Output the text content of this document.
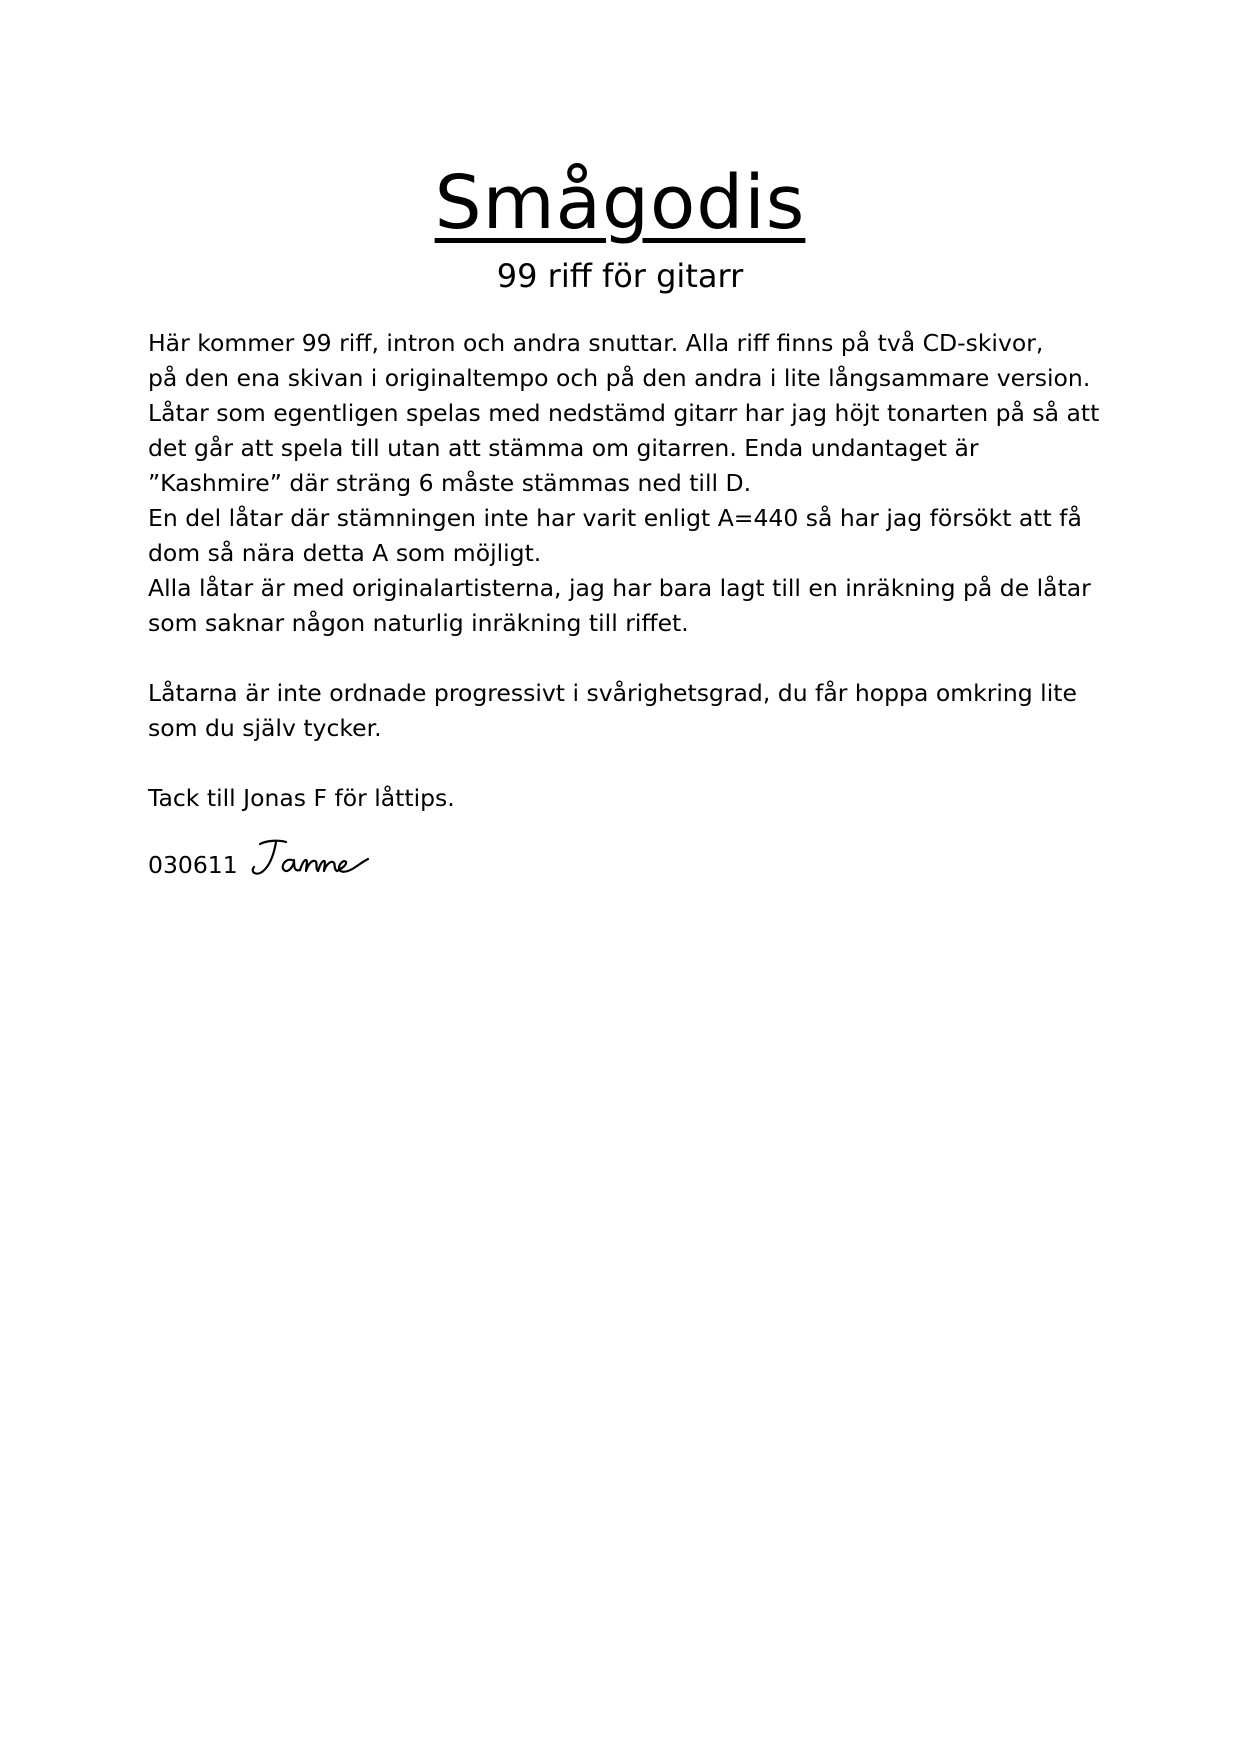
Smågodis
99 riff för gitarr

Här kommer 99 riff, intron och andra snuttar. Alla riff finns på två CD-skivor,

på den ena skivan i originaltempo och på den andra i lite långsammare version.

Låtar som egentligen spelas med nedstämd gitarr har jag höjt tonarten på så att

det går att spela till utan att stämma om gitarren. Enda undantaget är

”Kashmire” där sträng 6 måste stämmas ned till D.

En del låtar där stämningen inte har varit enligt A=440 så har jag försökt att få

dom så nära detta A som möjligt.

Alla låtar är med originalartisterna, jag har bara lagt till en inräkning på de låtar

som saknar någon naturlig inräkning till riffet.

Låtarna är inte ordnade progressivt i svårighetsgrad, du får hoppa omkring lite

som du själv tycker.

Tack till Jonas F för låttips.

030611
